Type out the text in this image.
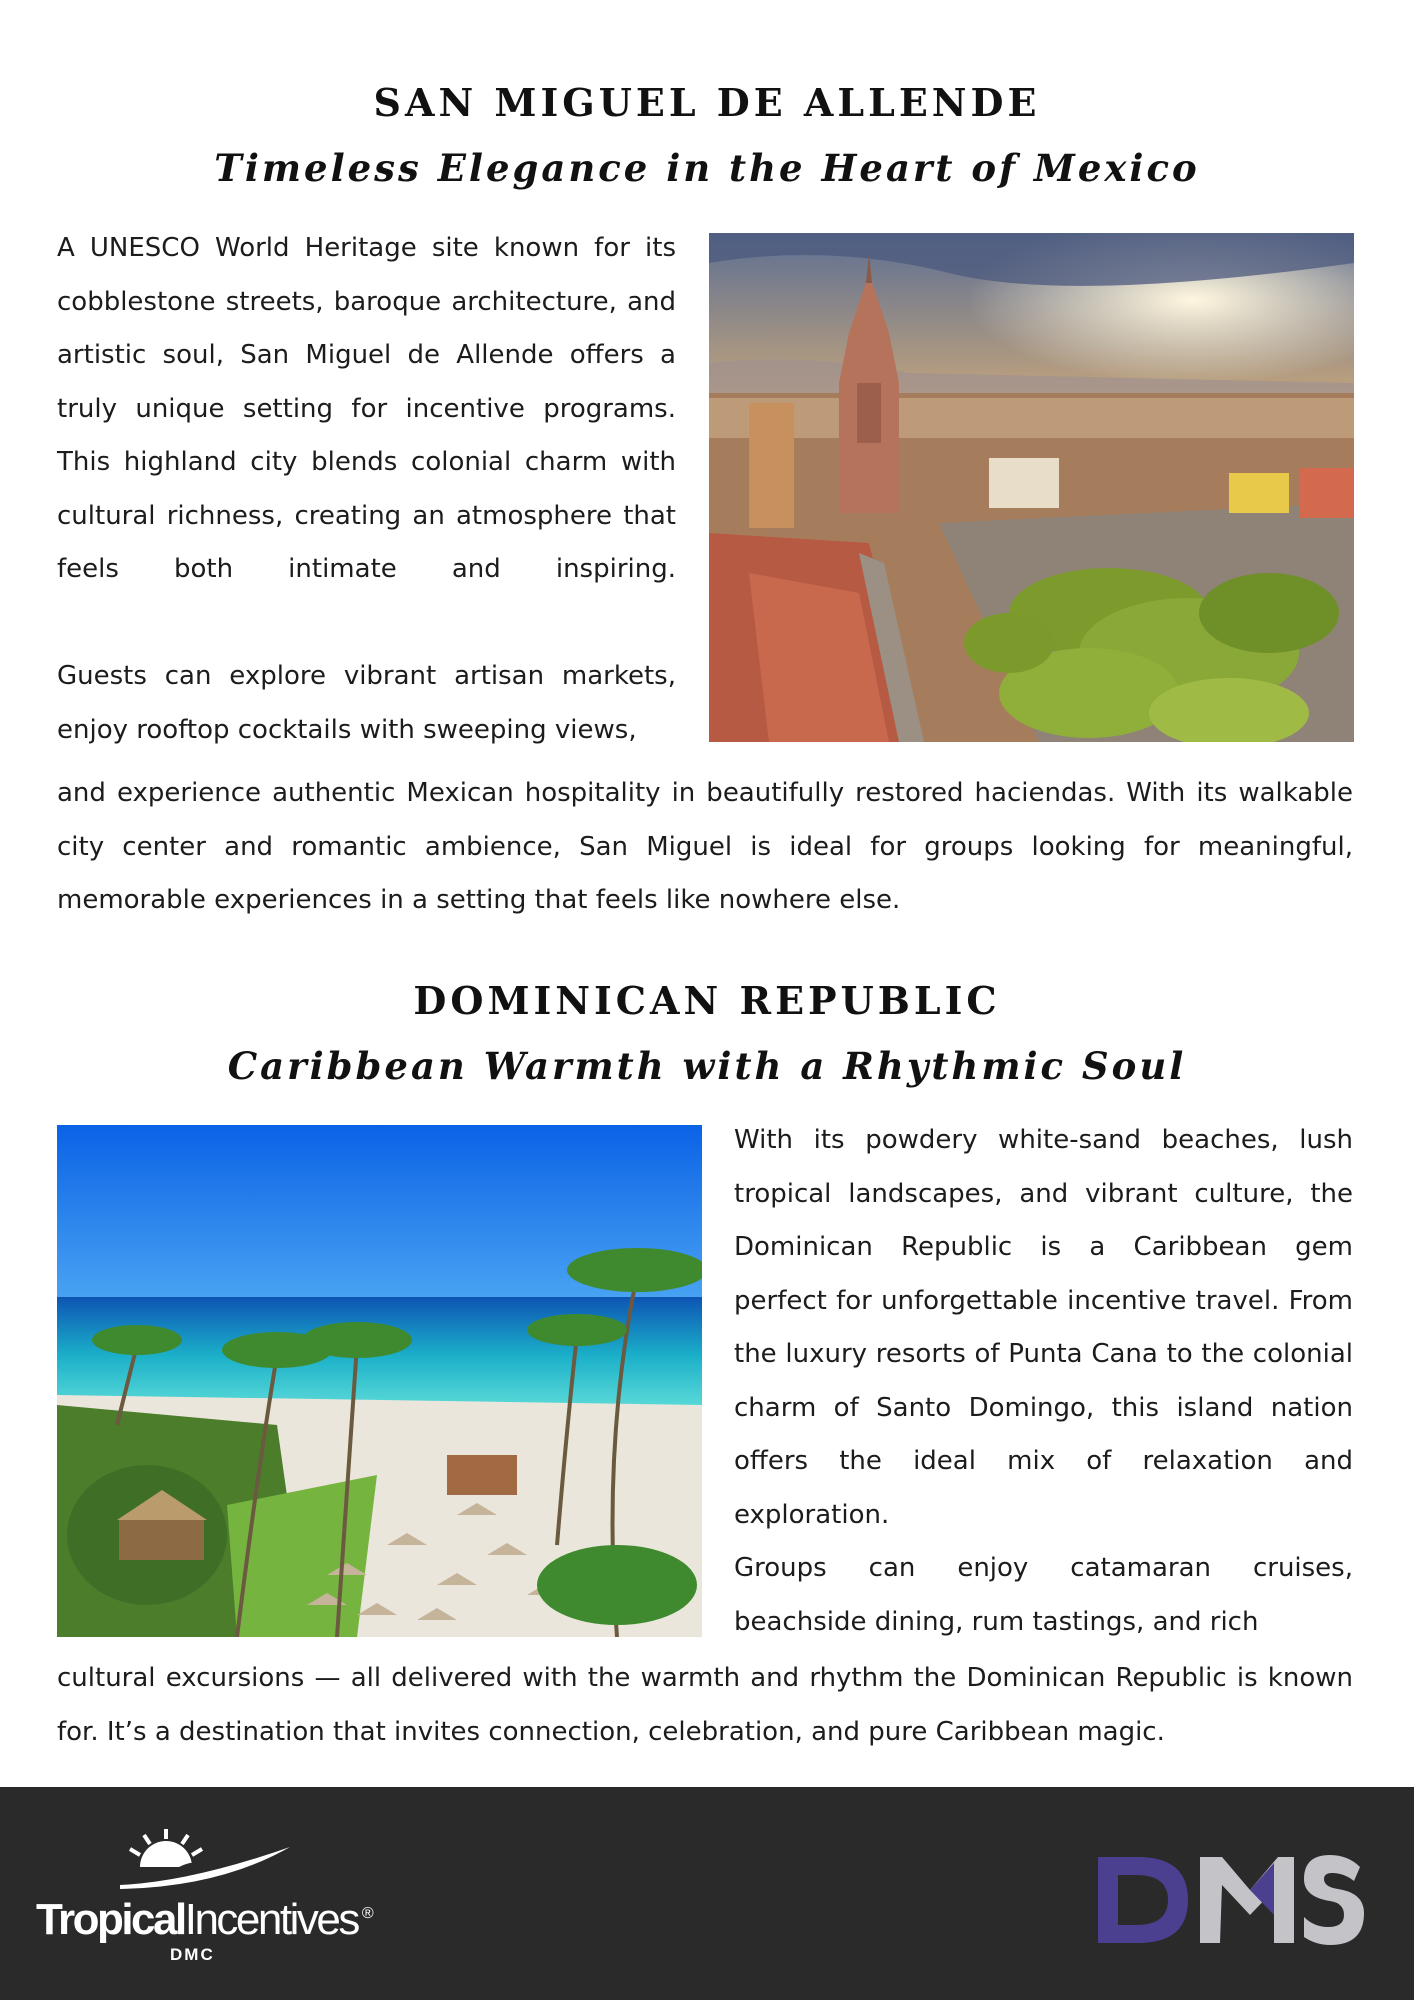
SAN MIGUEL DE ALLENDE
Timeless Elegance in the Heart of Mexico

A UNESCO World Heritage site known for its cobblestone streets, baroque architecture, and artistic soul, San Miguel de Allende offers a truly unique setting for incentive programs. This highland city blends colonial charm with cultural richness, creating an atmosphere that feels both intimate and inspiring.

Guests can explore vibrant artisan markets, enjoy rooftop cocktails with sweeping views,

and experience authentic Mexican hospitality in beautifully restored haciendas. With its walkable city center and romantic ambience, San Miguel is ideal for groups looking for meaningful, memorable experiences in a setting that feels like nowhere else.

DOMINICAN REPUBLIC
Caribbean Warmth with a Rhythmic Soul

With its powdery white-sand beaches, lush tropical landscapes, and vibrant culture, the Dominican Republic is a Caribbean gem perfect for unforgettable incentive travel. From the luxury resorts of Punta Cana to the colonial charm of Santo Domingo, this island nation offers the ideal mix of relaxation and exploration.

Groups can enjoy catamaran cruises, beachside dining, rum tastings, and rich

cultural excursions — all delivered with the warmth and rhythm the Dominican Republic is known for. It’s a destination that invites connection, celebration, and pure Caribbean magic.

TropicalIncentives ®
DMC
